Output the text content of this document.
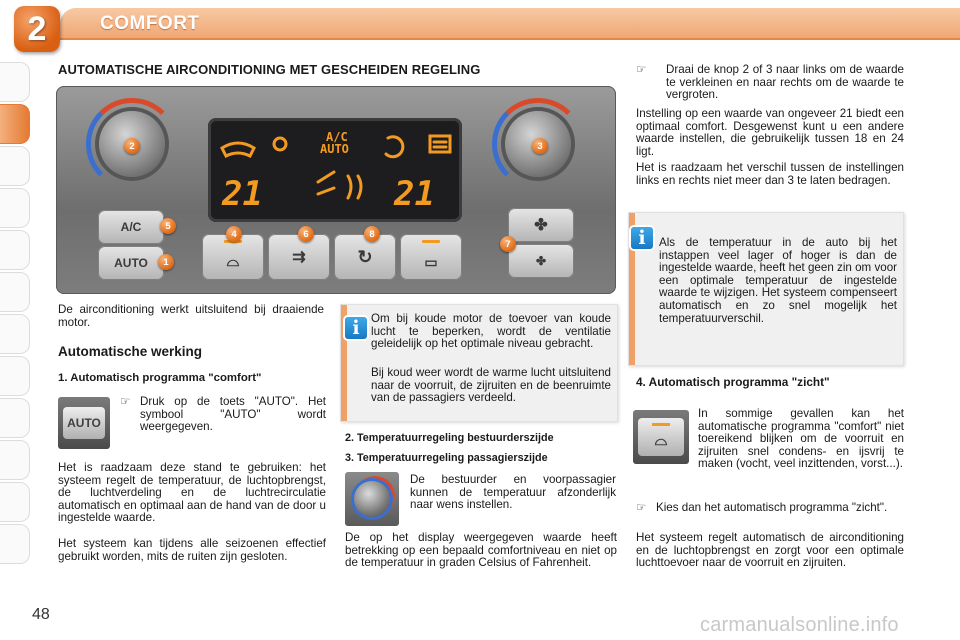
2	COMFORT
AUTOMATISCHE AIRCONDITIONING MET GESCHEIDEN REGELING
A/C
AUTO
21	21
A/C
AUTO	⌓	⇉	↻	▭
✤
✤
1
2	3
4
5
6
7
8
De airconditioning werkt uitsluitend bij draaiende motor.
Automatische werking
1. Automatisch programma "comfort"
AUTO
☞ Druk op de toets "AUTO". Het symbool "AUTO" wordt weergegeven.
Het is raadzaam deze stand te gebruiken: het systeem regelt de temperatuur, de luchtopbrengst, de luchtverdeling en de luchtrecirculatie automatisch en optimaal aan de hand van de door u ingestelde waarde.
Het systeem kan tijdens alle seizoenen effectief gebruikt worden, mits de ruiten zijn gesloten.
i Om bij koude motor de toevoer van koude lucht te beperken, wordt de ventilatie geleidelijk op het optimale niveau gebracht.
Bij koud weer wordt de warme lucht uitsluitend naar de voorruit, de zijruiten en de beenruimte van de passagiers verdeeld.
2. Temperatuurregeling bestuurderszijde
3. Temperatuurregeling passagierszijde
De bestuurder en voorpassagier kunnen de temperatuur afzonderlijk naar wens instellen.
De op het display weergegeven waarde heeft betrekking op een bepaald comfortniveau en niet op de temperatuur in graden Celsius of Fahrenheit.
☞	Draai de knop 2 of 3 naar links om de waarde te verkleinen en naar rechts om de waarde te vergroten.
Instelling op een waarde van ongeveer 21 biedt een optimaal comfort. Desgewenst kunt u een andere waarde instellen, die gebruikelijk tussen 18 en 24 ligt.
Het is raadzaam het verschil tussen de instellingen links en rechts niet meer dan 3 te laten bedragen.
i	Als de temperatuur in de auto bij het instappen veel lager of hoger is dan de ingestelde waarde, heeft het geen zin om voor een optimale temperatuur de ingestelde waarde te wijzigen. Het systeem compenseert automatisch en zo snel mogelijk het temperatuurverschil.
4. Automatisch programma "zicht"
⌓
In sommige gevallen kan het automatische programma "comfort" niet toereikend blijken om de voorruit en zijruiten snel condens- en ijsvrij te maken (vocht, veel inzittenden, vorst...).
☞ Kies dan het automatisch programma "zicht".
Het systeem regelt automatisch de airconditioning en de luchtopbrengst en zorgt voor een optimale luchttoevoer naar de voorruit en zijruiten.
48	carmanualsonline.info
